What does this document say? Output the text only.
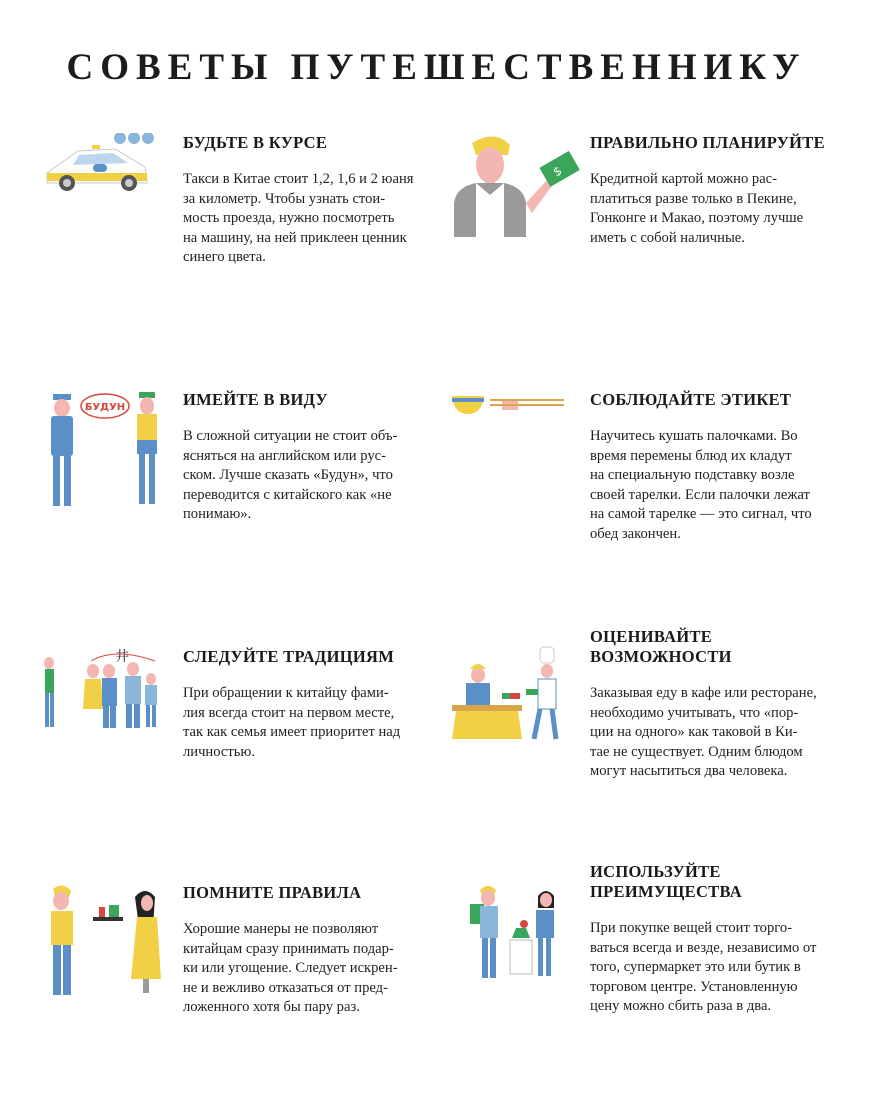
СОВЕТЫ ПУТЕШЕСТВЕННИКУ
БУДЬТЕ В КУРСЕ
Такси в Китае стоит 1,2, 1,6 и 2 юаня
за километр. Чтобы узнать стои-
мость проезда, нужно посмотреть
на машину, на ней приклеен ценник
синего цвета.
$
ПРАВИЛЬНО ПЛАНИРУЙТЕ
Кредитной картой можно рас-
платиться разве только в Пекине,
Гонконге и Макао, поэтому лучше
иметь с собой наличные.
БУДУН	ИМЕЙТЕ В ВИДУ
В сложной ситуации не стоит объ-
ясняться на английском или рус-
ском. Лучше сказать «Будун», что
переводится с китайского как «не
понимаю».
СОБЛЮДАЙТЕ ЭТИКЕТ
Научитесь кушать палочками. Во
время перемены блюд их кладут
на специальную подставку возле
своей тарелки. Если палочки лежат
на самой тарелке — это сигнал, что
обед закончен.
井	СЛЕДУЙТЕ ТРАДИЦИЯМ
При обращении к китайцу фами-
лия всегда стоит на первом месте,
так как семья имеет приоритет над
личностью.
ОЦЕНИВАЙТЕ ВОЗМОЖНОСТИ
Заказывая еду в кафе или ресторане,
необходимо учитывать, что «пор-
ции на одного» как таковой в Ки-
тае не существует. Одним блюдом
могут насытиться два человека.
ПОМНИТЕ ПРАВИЛА
Хорошие манеры не позволяют
китайцам сразу принимать подар-
ки или угощение. Следует искрен-
не и вежливо отказаться от пред-
ложенного хотя бы пару раз.
ИСПОЛЬЗУЙТЕ ПРЕИМУЩЕСТВА
При покупке вещей стоит торго-
ваться всегда и везде, независимо от
того, супермаркет это или бутик в
торговом центре. Установленную
цену можно сбить раза в два.
